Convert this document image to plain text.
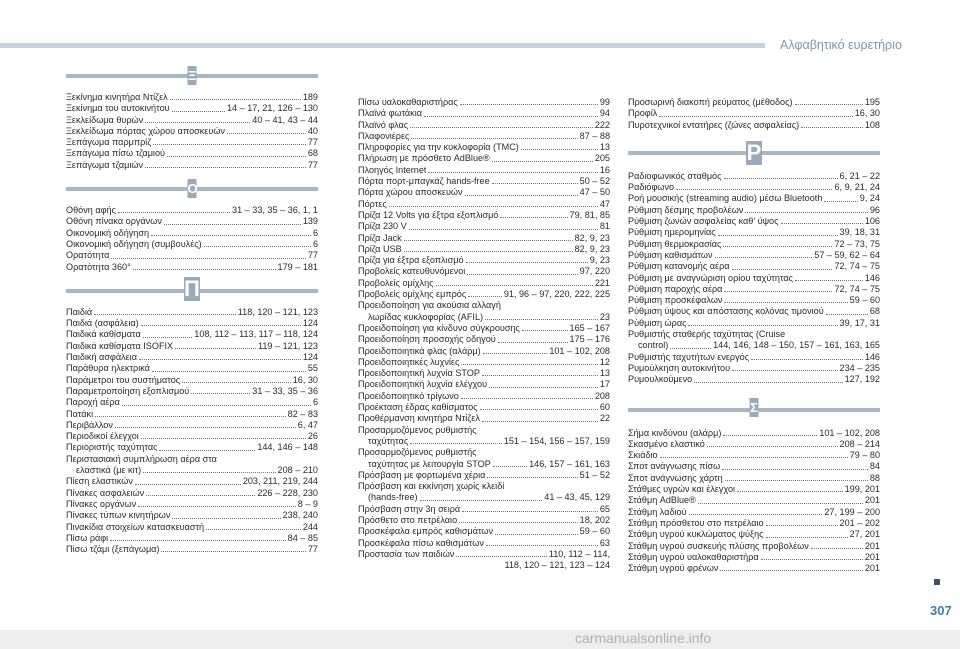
Αλφαβητικό ευρετήριο
Ξ
Ξεκίνημα κινητήρα Ντίζελ	189
Ξεκίνημα του αυτοκινήτου	14 – 17, 21, 126 – 130
Ξεκλείδωμα θυρών	40 – 41, 43 – 44
Ξεκλείδωμα πόρτας χώρου αποσκευών	40
Ξεπάγωμα παρμπρίζ	77
Ξεπάγωμα πίσω τζαμιού	68
Ξεπάγωμα τζαμιών	77
Ο
Οθόνη αφής	31 – 33, 35 – 36, 1, 1
Οθόνη πίνακα οργάνων	139
Οικονομική οδήγηση	6
Οικονομική οδήγηση (συμβουλές)	6
Ορατότητα	77
Ορατότητα 360°	179 – 181
Π
Παιδιά	118, 120 – 121, 123
Παιδιά (ασφάλεια)	124
Παιδικά καθίσματα	108, 112 – 113, 117 – 118, 124
Παιδικά καθίσματα ISOFIX	119 – 121, 123
Παιδική ασφάλεια	124
Παράθυρα ηλεκτρικά	55
Παράμετροι του συστήματος	16, 30
Παραμετροποίηση εξοπλισμού	31 – 33, 35 – 36
Παροχή αέρα	6
Πατάκι	82 – 83
Περιβάλλον	6, 47
Περιοδικοί έλεγχοι	26
Περιοριστής ταχύτητας	144, 146 – 148
Περιστασιακή συμπλήρωση αέρα στα
ελαστικά (με κιτ)	208 – 210
Πίεση ελαστικών	203, 211, 219, 244
Πίνακες ασφαλειών	226 – 228, 230
Πίνακες οργάνων	8 – 9
Πίνακες τύπων κινητήρων	238, 240
Πινακίδια στοιχείων κατασκευαστή	244
Πίσω ράφι	84 – 85
Πίσω τζάμι (ξεπάγωμα)	77
Πίσω υαλοκαθαριστήρας	99
Πλαϊνά φωτάκια	94
Πλαϊνό φλας	222
Πλαφονιέρες	87 – 88
Πληροφορίες για την κυκλοφορία (TMC)	13
Πλήρωση με πρόσθετο AdBlue®	205
Πλοηγός Internet	16
Πόρτα πορτ-μπαγκάζ hands-free	50 – 52
Πόρτα χώρου αποσκευών	47 – 50
Πόρτες	47
Πρίζα 12 Volts για έξτρα εξοπλισμό	79, 81, 85
Πρίζα 230 V	81
Πρίζα Jack	82, 9, 23
Πρίζα USB	82, 9, 23
Πρίζα για έξτρα εξοπλισμό	9, 23
Προβολείς κατευθυνόμενοι	97, 220
Προβολείς ομίχλης	221
Προβολείς ομίχλης εμπρός	91, 96 – 97, 220, 222, 225
Προειδοποίηση για ακούσια αλλαγή
λωρίδας κυκλοφορίας (AFIL)	23
Προειδοποίηση για κίνδυνο σύγκρουσης	165 – 167
Προειδοποίηση προσοχής οδηγού	175 – 176
Προειδοποιητικά φλας (αλάρμ)	101 – 102, 208
Προειδοποιητικές λυχνίες	12
Προειδοποιητική λυχνία STOP	13
Προειδοποιητική λυχνία ελέγχου	17
Προειδοποιητικό τρίγωνο	208
Προέκταση έδρας καθίσματος	60
Προθέρμανση κινητήρα Ντίζελ	22
Προσαρμοζόμενος ρυθμιστής
ταχύτητας	151 – 154, 156 – 157, 159
Προσαρμοζόμενος ρυθμιστής
ταχύτητας με λειτουργία STOP	146, 157 – 161, 163
Πρόσβαση με φορτωμένα χέρια	51 – 52
Πρόσβαση και εκκίνηση χωρίς κλειδί
(hands-free)	41 – 43, 45, 129
Πρόσβαση στην 3η σειρά	65
Πρόσθετο στο πετρέλαιο	18, 202
Προσκέφαλα εμπρός καθισμάτων	59 – 60
Προσκέφαλα πίσω καθισμάτων	63
Προστασία των παιδιών	110, 112 – 114,
118, 120 – 121, 123 – 124
Προσωρινή διακοπή ρεύματος (μέθοδος)	195
Προφίλ	16, 30
Πυροτεχνικοί εντατήρες (ζώνες ασφαλείας)	108
Ρ
Ραδιοφωνικός σταθμός	6, 21 – 22
Ραδιόφωνο	6, 9, 21, 24
Ροή μουσικής (streaming audio) μέσω Bluetooth	9, 24
Ρύθμιση δέσμης προβολέων	96
Ρύθμιση ζωνών ασφαλείας καθ' ύψος	106
Ρύθμιση ημερομηνίας	39, 18, 31
Ρύθμιση θερμοκρασίας	72 – 73, 75
Ρύθμιση καθισμάτων	57 – 59, 62 – 64
Ρύθμιση κατανομής αέρα	72, 74 – 75
Ρύθμιση με αναγνώριση ορίου ταχύτητας	146
Ρύθμιση παροχής αέρα	72, 74 – 75
Ρύθμιση προσκέφαλων	59 – 60
Ρύθμιση ύψους και απόστασης κολόνας τιμονιού	68
Ρύθμιση ώρας	39, 17, 31
Ρυθμιστής σταθερής ταχύτητας (Cruise
control)	144, 146, 148 – 150, 157 – 161, 163, 165
Ρυθμιστής ταχυτήτων ενεργός	146
Ρυμούλκηση αυτοκινήτου	234 – 235
Ρυμουλκούμενο	127, 192
Σ
Σήμα κινδύνου (αλάρμ)	101 – 102, 208
Σκασμένο ελαστικό	208 – 214
Σκιάδιο	79 – 80
Σποτ ανάγνωσης πίσω	84
Σποτ ανάγνωσης χάρτη	88
Στάθμες υγρών και έλεγχοι	199, 201
Στάθμη AdBlue®	201
Στάθμη λαδιού	27, 199 – 200
Στάθμη πρόσθετου στο πετρέλαιο	201 – 202
Στάθμη υγρού κυκλώματος ψύξης	27, 201
Στάθμη υγρού συσκευής πλύσης προβολέων	201
Στάθμη υγρού υαλοκαθαριστήρα	201
Στάθμη υγρού φρένων	201
307
carmanualsonline.info
